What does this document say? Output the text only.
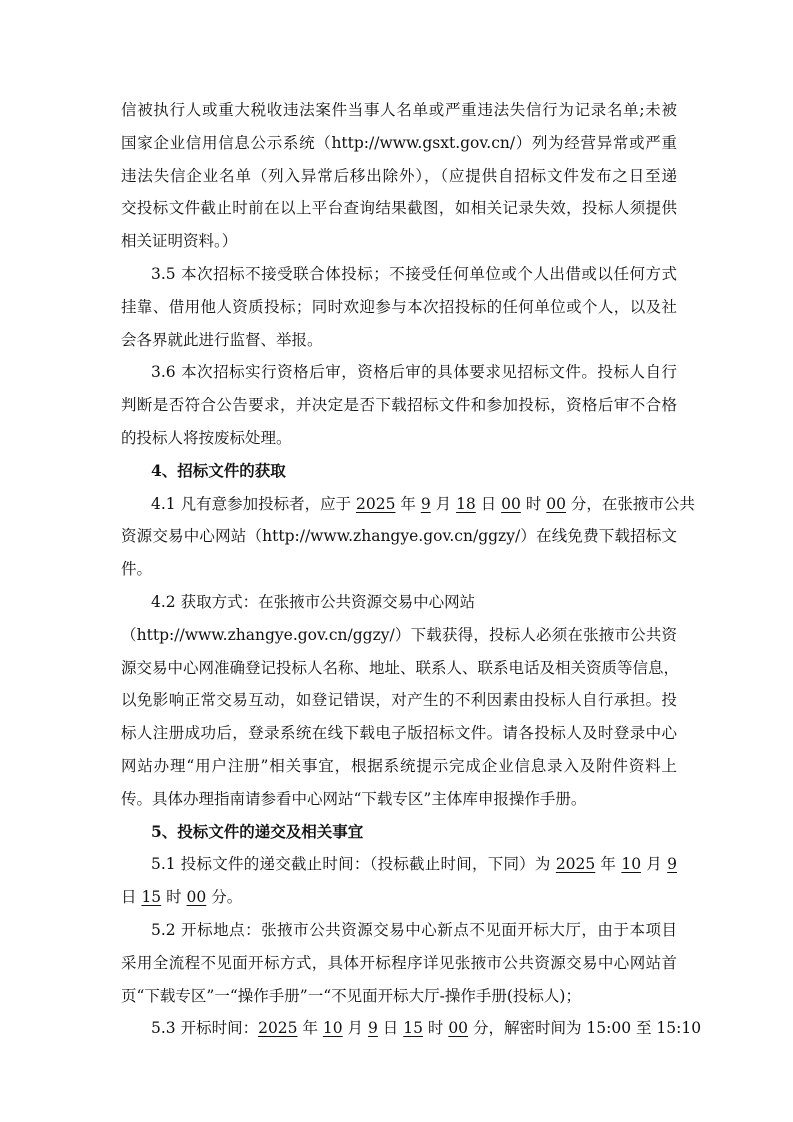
信被执行人或重大税收违法案件当事人名单或严重违法失信行为记录名单;未被
国家企业信用信息公示系统（http://www.gsxt.gov.cn/）列为经营异常或严重
违法失信企业名单（列入异常后移出除外），（应提供自招标文件发布之日至递
交投标文件截止时前在以上平台查询结果截图，如相关记录失效，投标人须提供
相关证明资料。）
3.5 本次招标不接受联合体投标；不接受任何单位或个人出借或以任何方式
挂靠、借用他人资质投标；同时欢迎参与本次招投标的任何单位或个人，以及社
会各界就此进行监督、举报。
3.6 本次招标实行资格后审，资格后审的具体要求见招标文件。投标人自行
判断是否符合公告要求，并决定是否下载招标文件和参加投标，资格后审不合格
的投标人将按废标处理。
4、招标文件的获取
4.1 凡有意参加投标者，应于 2025 年 9 月 18 日 00 时 00 分，在张掖市公共
资源交易中心网站（http://www.zhangye.gov.cn/ggzy/）在线免费下载招标文
件。
4.2 获取方式：在张掖市公共资源交易中心网站
（http://www.zhangye.gov.cn/ggzy/）下载获得，投标人必须在张掖市公共资
源交易中心网准确登记投标人名称、地址、联系人、联系电话及相关资质等信息，
以免影响正常交易互动，如登记错误，对产生的不利因素由投标人自行承担。投
标人注册成功后，登录系统在线下载电子版招标文件。请各投标人及时登录中心
网站办理“用户注册”相关事宜，根据系统提示完成企业信息录入及附件资料上
传。具体办理指南请参看中心网站“下载专区”主体库申报操作手册。
5、投标文件的递交及相关事宜
5.1 投标文件的递交截止时间：（投标截止时间，下同）为 2025 年 10 月 9
日 15 时 00 分。
5.2 开标地点：张掖市公共资源交易中心新点不见面开标大厅，由于本项目
采用全流程不见面开标方式，具体开标程序详见张掖市公共资源交易中心网站首
页“下载专区”一“操作手册”一“不见面开标大厅-操作手册(投标人)；
5.3 开标时间：2025 年 10 月 9 日 15 时 00 分，解密时间为 15:00 至 15:10
